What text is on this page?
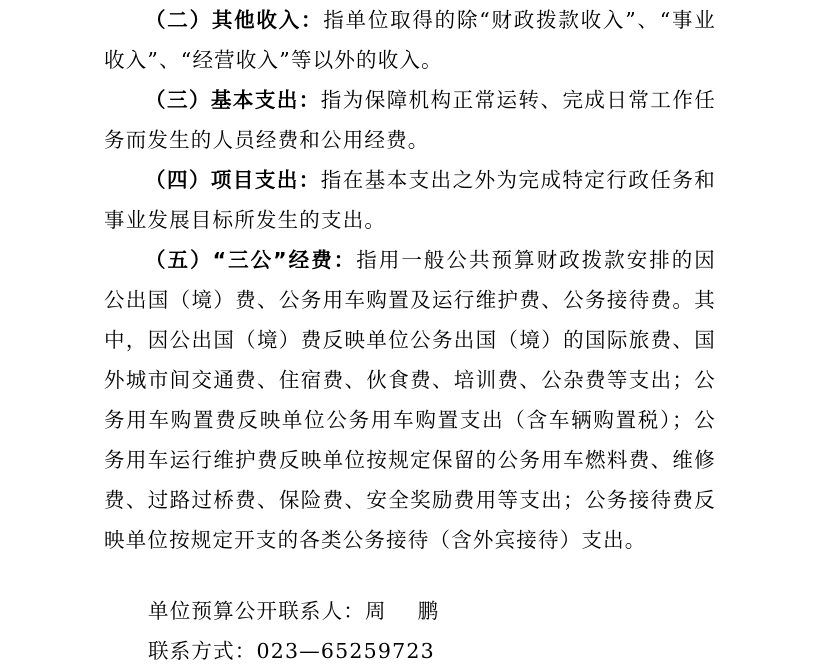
（二）其他收入：指单位取得的除“财政拨款收入”、“事业收入”、“经营收入”等以外的收入。

（三）基本支出：指为保障机构正常运转、完成日常工作任务而发生的人员经费和公用经费。

（四）项目支出：指在基本支出之外为完成特定行政任务和事业发展目标所发生的支出。

（五）“三公”经费：指用一般公共预算财政拨款安排的因公出国（境）费、公务用车购置及运行维护费、公务接待费。其中，因公出国（境）费反映单位公务出国（境）的国际旅费、国外城市间交通费、住宿费、伙食费、培训费、公杂费等支出；公务用车购置费反映单位公务用车购置支出（含车辆购置税）；公务用车运行维护费反映单位按规定保留的公务用车燃料费、维修费、过路过桥费、保险费、安全奖励费用等支出；公务接待费反映单位按规定开支的各类公务接待（含外宾接待）支出。

单位预算公开联系人：周    鹏
联系方式：023—65259723
